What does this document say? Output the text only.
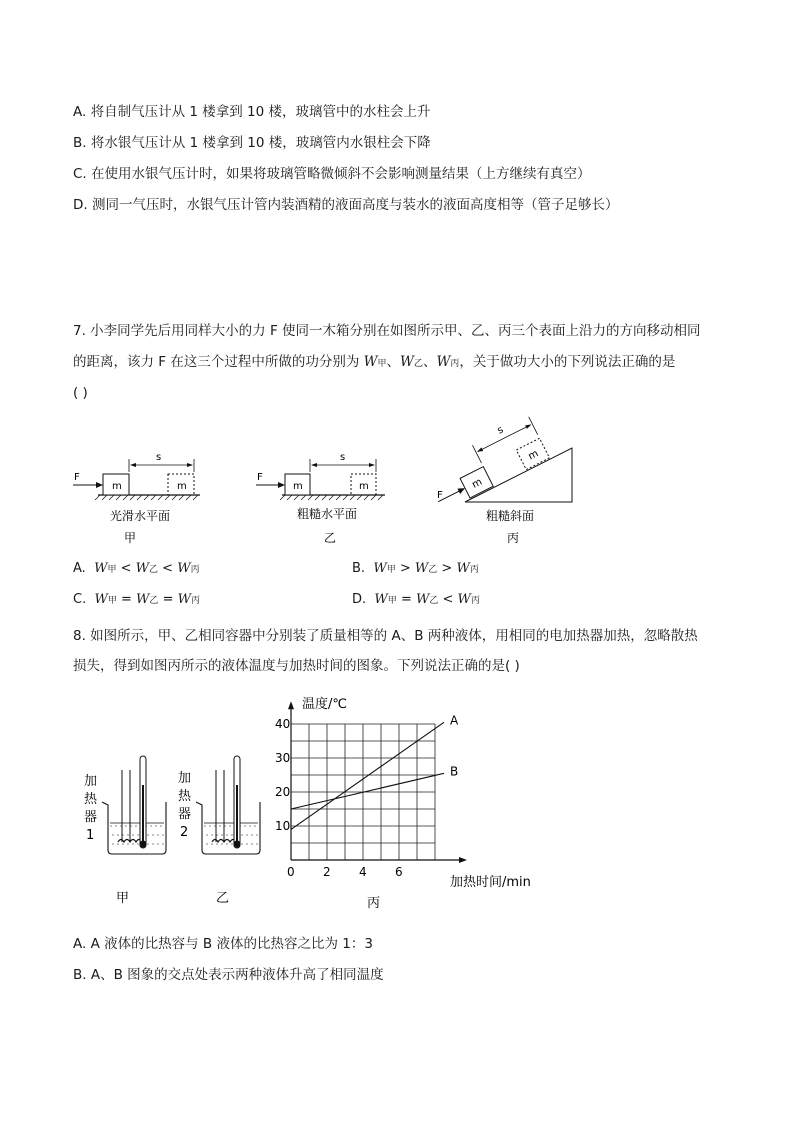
A. 将自制气压计从 1 楼拿到 10 楼，玻璃管中的水柱会上升
B. 将水银气压计从 1 楼拿到 10 楼，玻璃管内水银柱会下降
C. 在使用水银气压计时，如果将玻璃管略微倾斜不会影响测量结果（上方继续有真空）
D. 测同一气压时，水银气压计管内装酒精的液面高度与装水的液面高度相等（管子足够长）
7. 小李同学先后用同样大小的力 F 使同一木箱分别在如图所示甲、乙、丙三个表面上沿力的方向移动相同
的距离，该力 F 在这三个过程中所做的功分别为 W甲、W乙、W丙，关于做功大小的下列说法正确的是
( )
m	m
F
s
光滑水平面
甲
m	m
F
s
粗糙水平面
乙
m
m
s
F
粗糙斜面
丙
A. W甲 < W乙 < W丙	B. W甲 > W乙 > W丙
C. W甲 = W乙 = W丙	D. W甲 = W乙 < W丙
8. 如图所示，甲、乙相同容器中分别装了质量相等的 A、B 两种液体，用相同的电加热器加热，忽略散热
损失，得到如图丙所示的液体温度与加热时间的图象。下列说法正确的是( )
加
热
器
1
甲
加
热
器
2
乙
0 2 4 6
10
20
30
40	A
B
温度/℃
加热时间/min
丙
A. A 液体的比热容与 B 液体的比热容之比为 1：3
B. A、B 图象的交点处表示两种液体升高了相同温度
